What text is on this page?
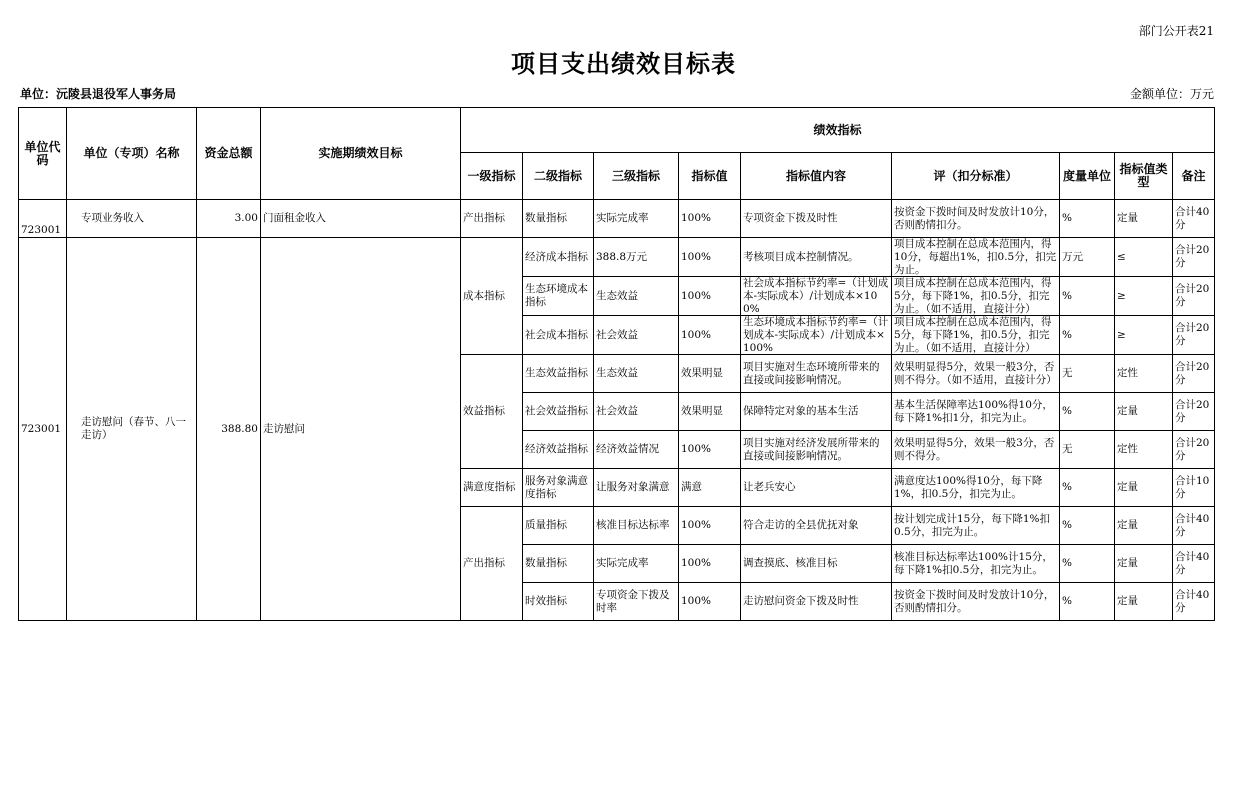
部门公开表21
项目支出绩效目标表
单位：沅陵县退役军人事务局	金额单位：万元
单位代码	单位（专项）名称	资金总额	实施期绩效目标	绩效指标								
				一级指标	二级指标	三级指标	指标值	指标值内容	评（扣分标准）	度量单位	指标值类型	备注
723001	专项业务收入	3.00	门面租金收入	产出指标	数量指标	实际完成率	100%	专项资金下拨及时性	按资金下拨时间及时发放计10分，否则酌情扣分。	%	定量	合计40分
723001	走访慰问（春节、八一走访）	388.80	走访慰问	成本指标	经济成本指标	388.8万元	100%	考核项目成本控制情况。	项目成本控制在总成本范围内，得10分，每超出1%，扣0.5分，扣完为止。	万元	≤	合计20分
					生态环境成本指标	生态效益	100%	社会成本指标节约率=（计划成本-实际成本）/计划成本×100%	项目成本控制在总成本范围内，得5分，每下降1%，扣0.5分，扣完为止。（如不适用，直接计分）	%	≥	合计20分
					社会成本指标	社会效益	100%	生态环境成本指标节约率=（计划成本-实际成本）/计划成本×100%	项目成本控制在总成本范围内，得5分，每下降1%，扣0.5分，扣完为止。（如不适用，直接计分）	%	≥	合计20分
				效益指标	生态效益指标	生态效益	效果明显	项目实施对生态环境所带来的直接或间接影响情况。	效果明显得5分，效果一般3分，否则不得分。（如不适用，直接计分）	无	定性	合计20分
					社会效益指标	社会效益	效果明显	保障特定对象的基本生活	基本生活保障率达100%得10分，每下降1%扣1分，扣完为止。	%	定量	合计20分
					经济效益指标	经济效益情况	100%	项目实施对经济发展所带来的直接或间接影响情况。	效果明显得5分，效果一般3分，否则不得分。	无	定性	合计20分
				满意度指标	服务对象满意度指标	让服务对象满意	满意	让老兵安心	满意度达100%得10分，每下降1%，扣0.5分，扣完为止。	%	定量	合计10分
				产出指标	质量指标	核准目标达标率	100%	符合走访的全县优抚对象	按计划完成计15分，每下降1%扣0.5分，扣完为止。	%	定量	合计40分
					数量指标	实际完成率	100%	调查摸底、核准目标	核准目标达标率达100%计15分，每下降1%扣0.5分，扣完为止。	%	定量	合计40分
					时效指标	专项资金下拨及时率	100%	走访慰问资金下拨及时性	按资金下拨时间及时发放计10分，否则酌情扣分。	%	定量	合计40分
